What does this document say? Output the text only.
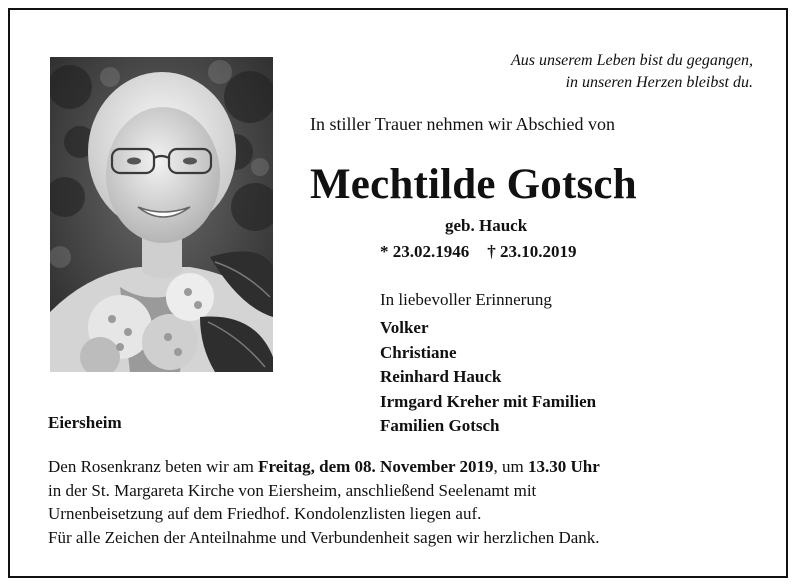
Aus unserem Leben bist du gegangen,
in unseren Herzen bleibst du.
In stiller Trauer nehmen wir Abschied von
Mechtilde Gotsch
geb. Hauck
* 23.02.1946 † 23.10.2019
In liebevoller Erinnerung
Volker
Christiane
Reinhard Hauck
Irmgard Kreher mit Familien
Familien Gotsch
Eiersheim
Den Rosenkranz beten wir am Freitag, dem 08. November 2019, um 13.30 Uhr
in der St. Margareta Kirche von Eiersheim, anschließend Seelenamt mit
Urnenbeisetzung auf dem Friedhof. Kondolenzlisten liegen auf.
Für alle Zeichen der Anteilnahme und Verbundenheit sagen wir herzlichen Dank.
